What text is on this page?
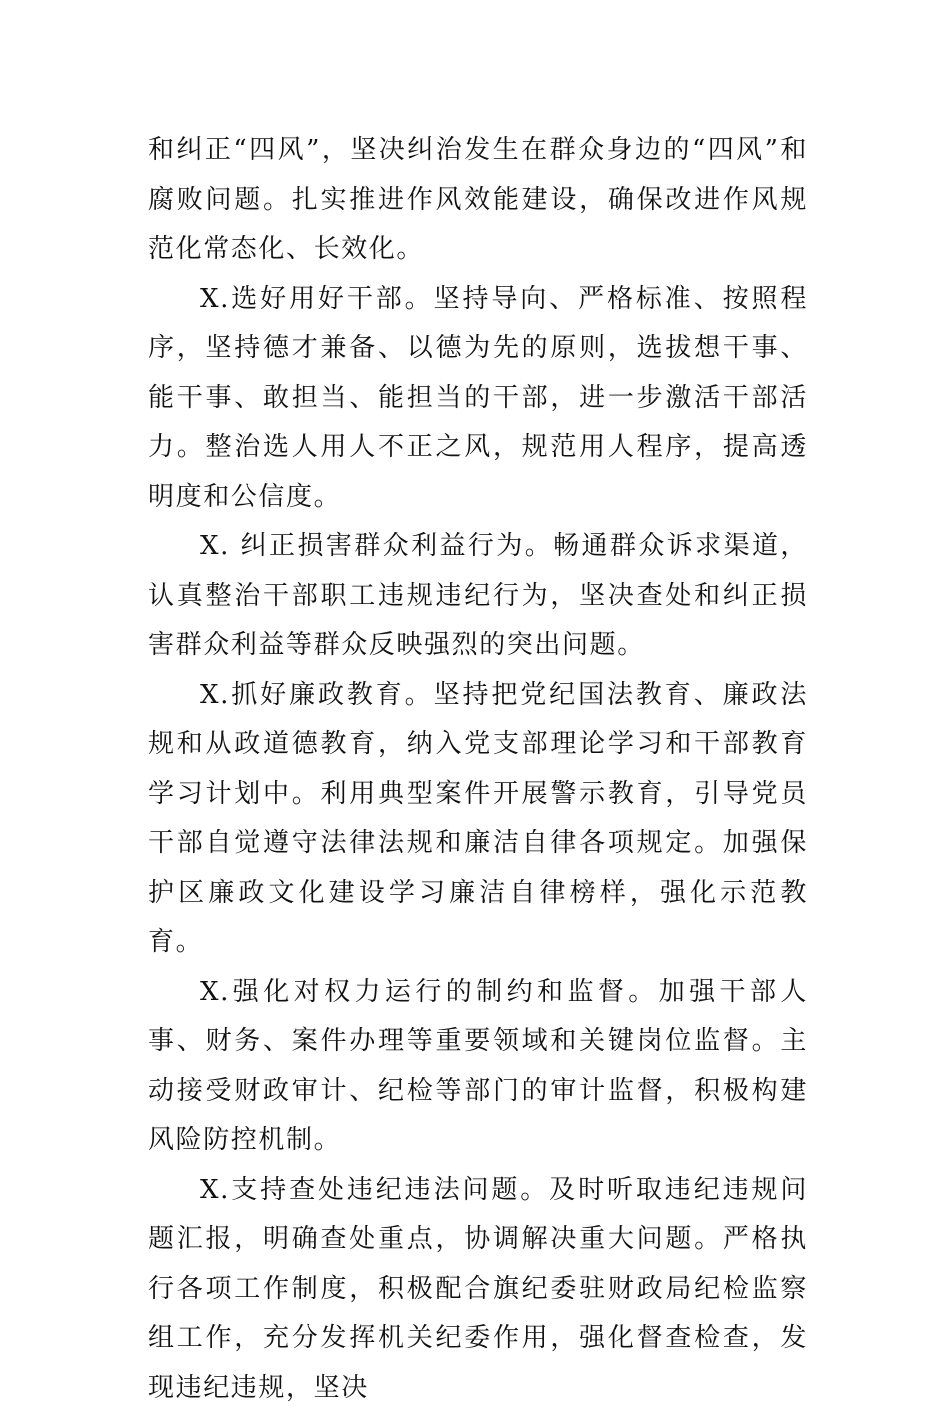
和纠正“四风”，坚决纠治发生在群众身边的“四风”和腐败问题。扎实推进作风效能建设，确保改进作风规范化常态化、长效化。

X.选好用好干部。坚持导向、严格标准、按照程序，坚持德才兼备、以德为先的原则，选拔想干事、能干事、敢担当、能担当的干部，进一步激活干部活力。整治选人用人不正之风，规范用人程序，提高透明度和公信度。

X. 纠正损害群众利益行为。畅通群众诉求渠道，认真整治干部职工违规违纪行为，坚决查处和纠正损害群众利益等群众反映强烈的突出问题。

X.抓好廉政教育。坚持把党纪国法教育、廉政法规和从政道德教育，纳入党支部理论学习和干部教育学习计划中。利用典型案件开展警示教育，引导党员干部自觉遵守法律法规和廉洁自律各项规定。加强保护区廉政文化建设学习廉洁自律榜样，强化示范教育。

X.强化对权力运行的制约和监督。加强干部人事、财务、案件办理等重要领域和关键岗位监督。主动接受财政审计、纪检等部门的审计监督，积极构建风险防控机制。

X.支持查处违纪违法问题。及时听取违纪违规问题汇报，明确查处重点，协调解决重大问题。严格执行各项工作制度，积极配合旗纪委驻财政局纪检监察组工作，充分发挥机关纪委作用，强化督查检查，发现违纪违规，坚决
